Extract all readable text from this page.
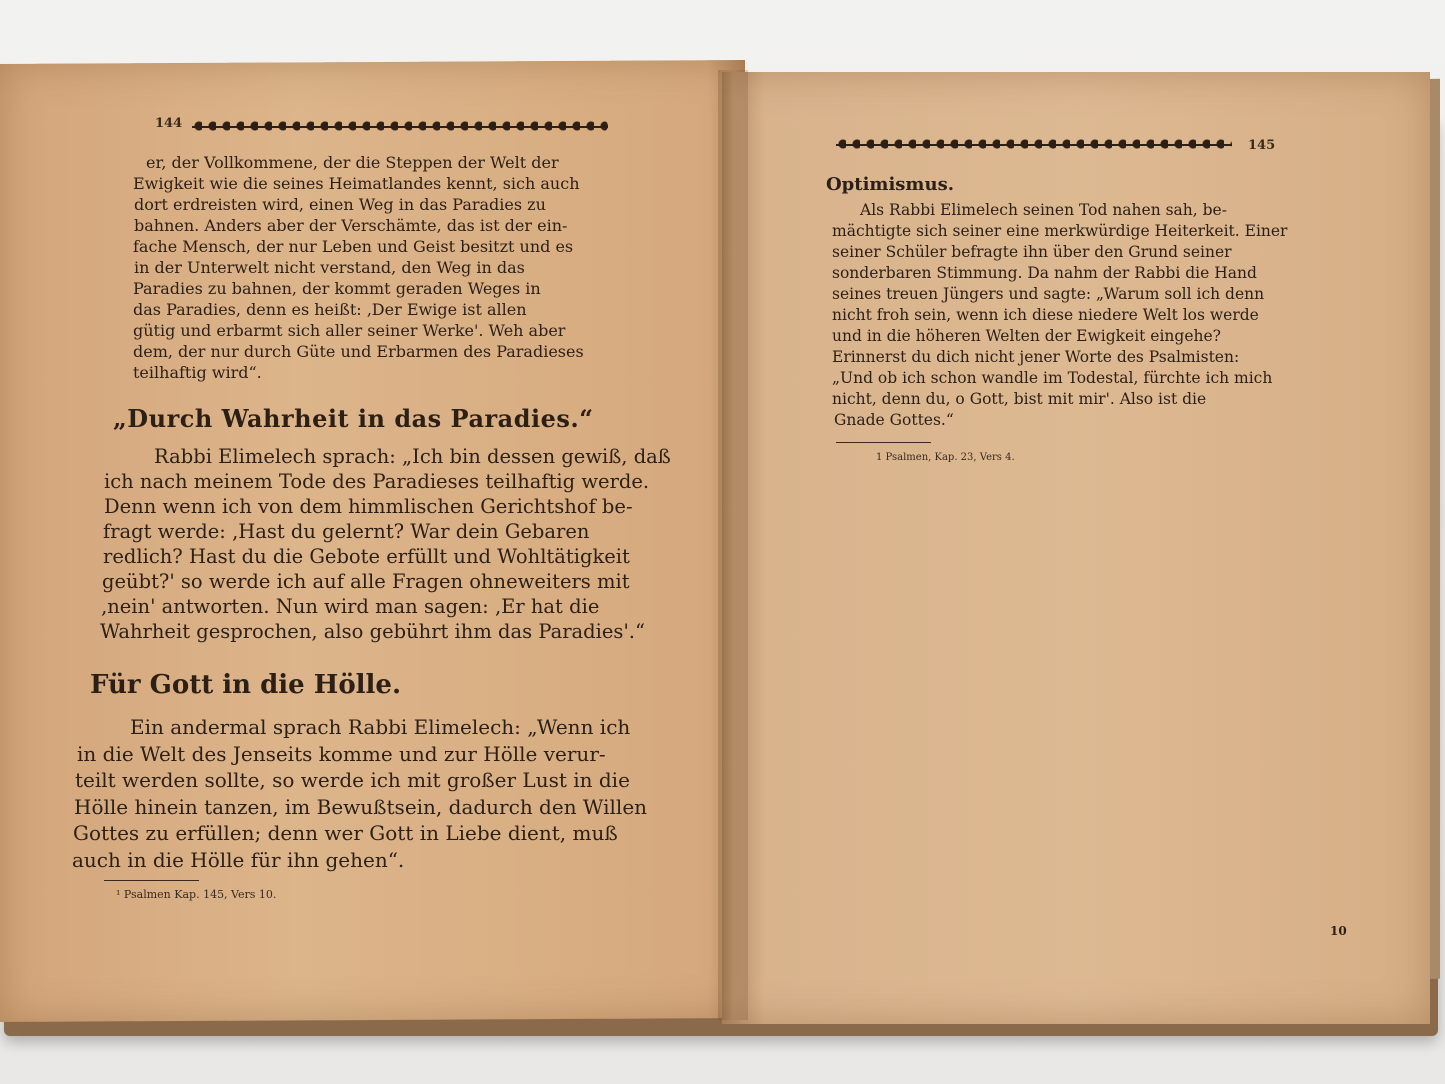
144
er, der Vollkommene, der die Steppen der Welt der
Ewigkeit wie die seines Heimatlandes kennt, sich auch
dort erdreisten wird, einen Weg in das Paradies zu
bahnen. Anders aber der Verschämte, das ist der ein-
fache Mensch, der nur Leben und Geist besitzt und es
in der Unterwelt nicht verstand, den Weg in das
Paradies zu bahnen, der kommt geraden Weges in
das Paradies, denn es heißt: ‚Der Ewige ist allen
gütig und erbarmt sich aller seiner Werke'. Weh aber
dem, der nur durch Güte und Erbarmen des Paradieses
teilhaftig wird“.
„Durch Wahrheit in das Paradies.“
Rabbi Elimelech sprach: „Ich bin dessen gewiß, daß
ich nach meinem Tode des Paradieses teilhaftig werde.
Denn wenn ich von dem himmlischen Gerichtshof be-
fragt werde: ‚Hast du gelernt? War dein Gebaren
redlich? Hast du die Gebote erfüllt und Wohltätigkeit
geübt?' so werde ich auf alle Fragen ohneweiters mit
‚nein' antworten. Nun wird man sagen: ‚Er hat die
Wahrheit gesprochen, also gebührt ihm das Paradies'.“
Für Gott in die Hölle.
Ein andermal sprach Rabbi Elimelech: „Wenn ich
in die Welt des Jenseits komme und zur Hölle verur-
teilt werden sollte, so werde ich mit großer Lust in die
Hölle hinein tanzen, im Bewußtsein, dadurch den Willen
Gottes zu erfüllen; denn wer Gott in Liebe dient, muß
auch in die Hölle für ihn gehen“.
¹ Psalmen Kap. 145, Vers 10.
145
Optimismus.
Als Rabbi Elimelech seinen Tod nahen sah, be-
mächtigte sich seiner eine merkwürdige Heiterkeit. Einer
seiner Schüler befragte ihn über den Grund seiner
sonderbaren Stimmung. Da nahm der Rabbi die Hand
seines treuen Jüngers und sagte: „Warum soll ich denn
nicht froh sein, wenn ich diese niedere Welt los werde
und in die höheren Welten der Ewigkeit eingehe?
Erinnerst du dich nicht jener Worte des Psalmisten:
„Und ob ich schon wandle im Todestal, fürchte ich mich
nicht, denn du, o Gott, bist mit mir'. Also ist die
Gnade Gottes.“
1 Psalmen, Kap. 23, Vers 4.
10
